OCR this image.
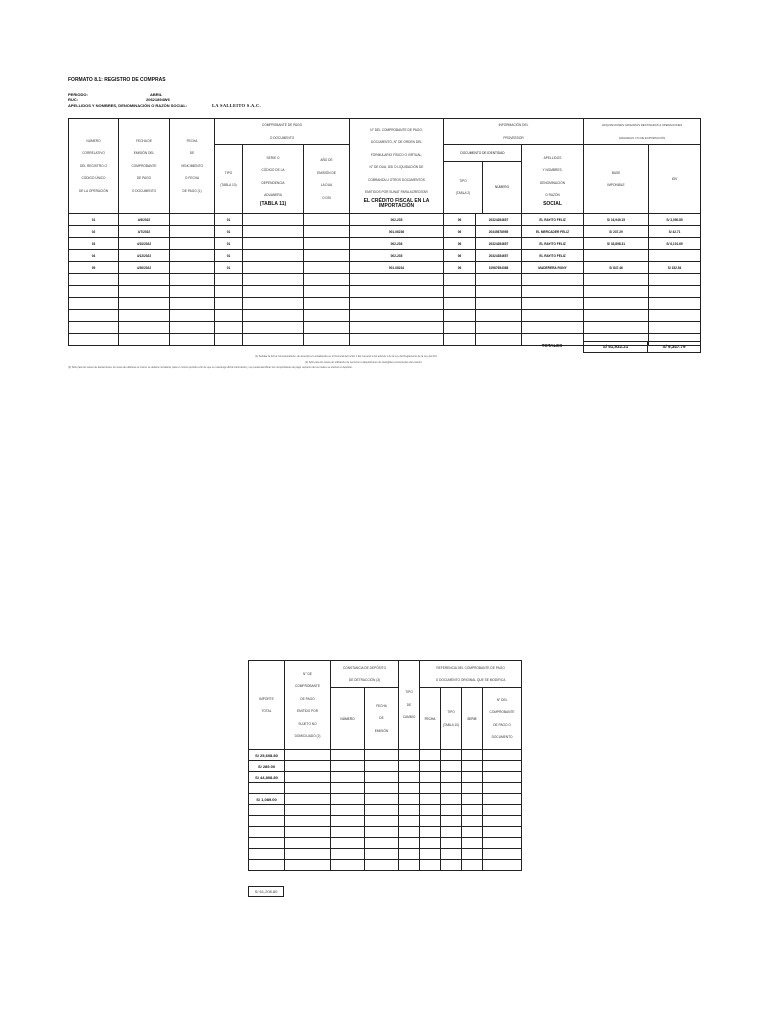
FORMATO 8.1: REGISTRO DE COMPRAS
PERIODO:	ABRIL
RUC:	20621894W6
APELLIDOS Y NOMBRES, DENOMINACIÓN O RAZÓN SOCIAL:	LA SALLEITO S.A.C.
NÚMERO
CORRELATIVO
DEL REGISTRO O
CÓDIGO ÚNICO
DE LA OPERACIÓN

FECHA DE
EMISIÓN DEL
COMPROBANTE
DE PAGO
O DOCUMENTO

FECHA
DE
VENCIMIENTO
O FECHA
DE PAGO (1)

COMPROBANTE DE PAGO
O DOCUMENTO

N° DEL COMPROBANTE DE PAGO,
DOCUMENTO, N° DE ORDEN DEL
FORMULARIO FÍSICO O VIRTUAL,
N° DE DUA, DSI O LIQUIDACIÓN DE
COBRANZA U OTROS DOCUMENTOS
EMITIDOS POR SUNAT PARA ACREDITAR
EL CRÉDITO FISCAL EN LA IMPORTACIÓN

INFORMACIÓN DEL
PROVEEDOR

ADQUISICIONES GRAVADAS DESTINADAS A OPERACIONES
GRAVADAS Y/O DE EXPORTACIÓN

TIPO
(TABLA 10)

SERIE O
CÓDIGO DE LA
DEPENDENCIA
ADUANERA
(TABLA 11)

AÑO DE
EMISIÓN DE
LA DUA
O DSI

DOCUMENTO DE IDENTIDAD

TIPO
(TABLA 2)
	NÚMERO

APELLIDOS
Y NOMBRES,
DENOMINACIÓN
O RAZÓN
SOCIAL

BASE
IMPONIBLE
	IGV
01	4/6/2022		01			002-235	06	20324354657	EL RAYITO FELIZ	S/ 16,949.15	S/ 3,050.85
02	4/7/2022		01			001-06236	06	20345678955	EL MERCADER FELIZ	S/ 237.29	S/ 42.71
03	4/10/2022		01			002-236	06	20324354657	EL RAYITO FELIZ	S/ 33,898.31	S/ 6,101.69
04	4/12/2022		01			002-235	06	20324354657	EL RAYITO FELIZ		
05	4/30/2022		01			001-08234	06	10987654368	MADERERA RONY	S/ 847.46	S/ 152.54

TOTALES	S/ 51,932.21	S/ 9,347.79
(1) Señalar la forma correspondiente, de acuerdo a lo establecido en el Numeral del inciso 1 del numeral 1 del artículo 1 de la Ley del Reglamento de la Ley del IGV.
(2) Sólo para los casos de utilización de servicios o adquisiciones de intangibles provenientes del exterior.
(3) Sólo para los casos de detracciones. En caso de utilizarse el mismo se deberá considerar para un mismo periodo a fin de que se mantenga dicha información y se pueda identificar los comprobantes de pago respecto de los cuales se efectuó el depósito.
IMPORTE
TOTAL

N° DE
COMPROBANTE
DE PAGO
EMITIDO POR
SUJETO NO
DOMICILIADO (2)

CONSTANCIA DE DEPÓSITO
DE DETRACCIÓN (3)

TIPO
DE
CAMBIO

REFERENCIA DEL COMPROBANTE DE PAGO
O DOCUMENTO ORIGINAL QUE SE MODIFICA

		NÚMERO	FECHA
DE
EMISIÓN		FECHA	TIPO
(TABLA 10)	SERIE	N° DEL
COMPROBANTE
DE PAGO O
DOCUMENTO

S/ 25,608.80								
S/ 289.00								
S/ 44,808.80								

S/ 1,089.00								

S/ 61,208.80
